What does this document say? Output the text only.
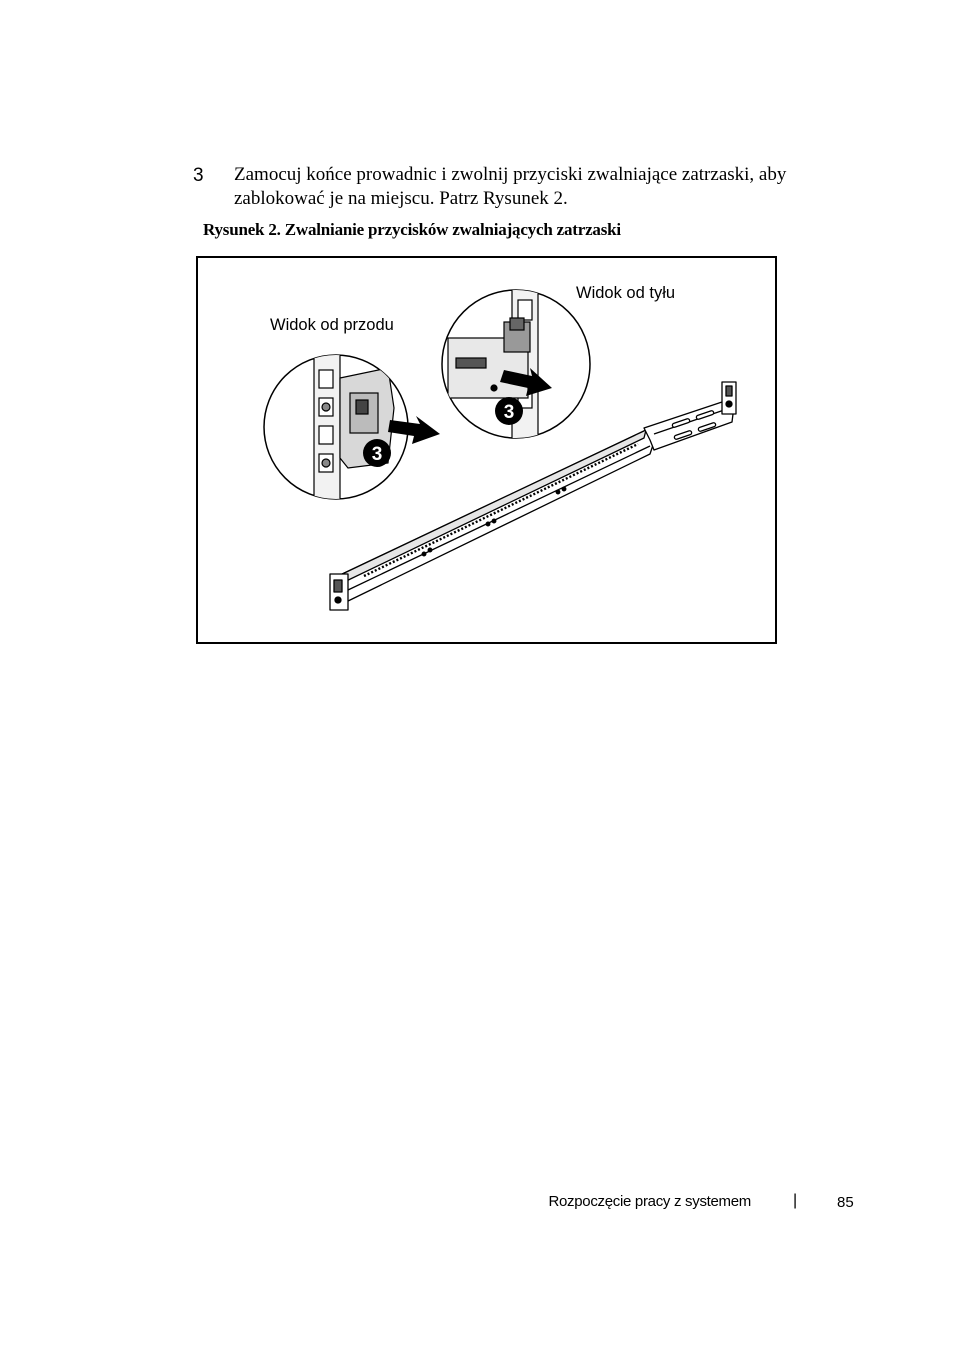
3 Zamocuj końce prowadnic i zwolnij przyciski zwalniające zatrzaski, aby zablokować je na miejscu. Patrz Rysunek 2.
Rysunek 2. Zwalnianie przycisków zwalniających zatrzaski
3
3
Widok od przodu
Widok od tyłu
Rozpoczęcie pracy z systemem	|	85
